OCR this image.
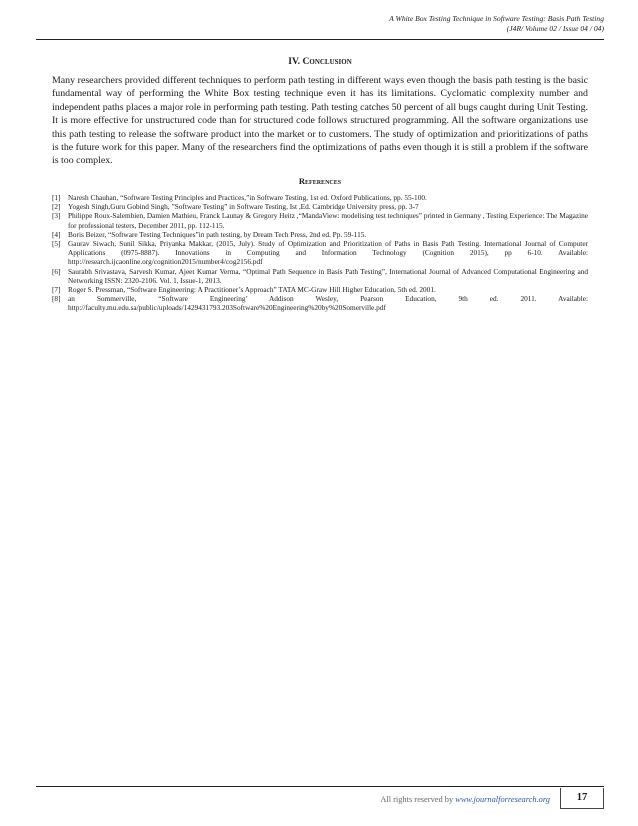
A White Box Testing Technique in Software Testing: Basis Path Testing
(J4R/ Volume 02 / Issue 04 / 04)
IV. Conclusion
Many researchers provided different techniques to perform path testing in different ways even though the basis path testing is the basic fundamental way of performing the White Box testing technique even it has its limitations. Cyclomatic complexity number and independent paths places a major role in performing path testing. Path testing catches 50 percent of all bugs caught during Unit Testing. It is more effective for unstructured code than for structured code follows structured programming. All the software organizations use this path testing to release the software product into the market or to customers. The study of optimization and prioritizations of paths is the future work for this paper. Many of the researchers find the optimizations of paths even though it is still a problem if the software is too complex.
References
[1]	Naresh Chauhan, “Software Testing Principles and Practices,”in Software Testing, 1st ed. Oxford Publications, pp. 55-100.
[2]	Yogesh Singh,Guru Gobind Singh, ”Software Testing” in Software Testing, Ist ,Ed. Cambridge University press, pp. 3-7
[3]	Philippe Roux-Salembien, Damien Mathieu, Franck Launay & Gregory Heitz ,“MandaView: modelising test techniques” printed in Germany , Testing Experience: The Magazine for professional testers, December 2011, pp. 112-115.
[4]	Boris Beizer, “Software Testing Techniques”in path testing, by Dream Tech Press, 2nd ed. Pp. 59-115.
[5]	Gaurav Siwach, Sunil Sikka, Priyanka Makkar, (2015, July). Study of Optimization and Prioritization of Paths in Basis Path Testing. International Journal of Computer Applications (0975-8887). Innovations in Computing and Information Technology (Cognition 2015), pp 6-10. Available: http://research.ijcaonline.org/cognition2015/number4/cog2156.pdf
[6]	Saurabh Srivastava, Sarvesh Kumar, Ajeet Kumar Verma, “Optimal Path Sequence in Basis Path Testing”, International Journal of Advanced Computational Engineering and Networking ISSN: 2320-2106. Vol. 1, Issue-1, 2013.
[7]	Roger S. Pressman, “Software Engineering: A Practitioner’s Approach” TATA MC-Graw Hill Higher Education, 5th ed. 2001.
[8]	an Sommerville, “Software Engineering’ Addison Wesley, Pearson Education, 9th ed. 2011. Available: http://faculty.mu.edu.sa/public/uploads/1429431793.203Software%20Engineering%20by%20Somerville.pdf
All rights reserved by www.journalforresearch.org	17
